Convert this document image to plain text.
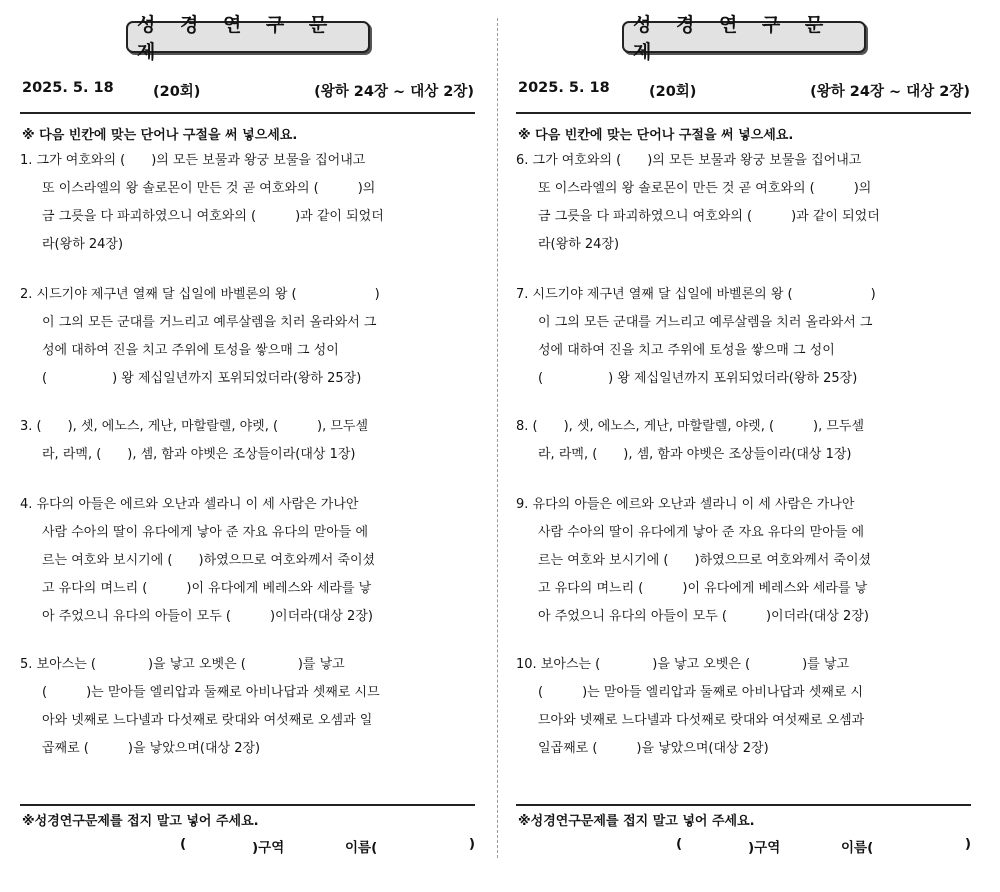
성 경 연 구 문 제
2025. 5. 18	(20회)	(왕하 24장 ~ 대상 2장)
※ 다음 빈칸에 맞는 단어나 구절을 써 넣으세요.
1. 그가 여호와의 (　　)의 모든 보물과 왕궁 보물을 집어내고
또 이스라엘의 왕 솔로몬이 만든 것 곧 여호와의 (　　　)의
금 그릇을 다 파괴하였으니 여호와의 (　　　)과 같이 되었더
라(왕하 24장)
2. 시드기야 제구년 열째 달 십일에 바벨론의 왕 (　　　　　　)
이 그의 모든 군대를 거느리고 예루살렘을 치러 올라와서 그
성에 대하여 진을 치고 주위에 토성을 쌓으매 그 성이
(　　　　　) 왕 제십일년까지 포위되었더라(왕하 25장)
3. (　　), 셋, 에노스, 게난, 마할랄렐, 야렛, (　　　), 므두셀
라, 라멕, (　　), 셈, 함과 야벳은 조상들이라(대상 1장)
4. 유다의 아들은 에르와 오난과 셀라니 이 세 사람은 가나안
사람 수아의 딸이 유다에게 낳아 준 자요 유다의 맏아들 에
르는 여호와 보시기에 (　　)하였으므로 여호와께서 죽이셨
고 유다의 며느리 (　　　)이 유다에게 베레스와 세라를 낳
아 주었으니 유다의 아들이 모두 (　　　)이더라(대상 2장)
5. 보아스는 (　　　　)을 낳고 오벳은 (　　　　)를 낳고
(　　　)는 맏아들 엘리압과 둘째로 아비나답과 셋째로 시므
아와 넷째로 느다넬과 다섯째로 랏대와 여섯째로 오셈과 일
곱째로 (　　　)을 낳았으며(대상 2장)
※성경연구문제를 접지 말고 넣어 주세요.
(	)구역	이름(	)
성 경 연 구 문 제
2025. 5. 18	(20회)	(왕하 24장 ~ 대상 2장)
※ 다음 빈칸에 맞는 단어나 구절을 써 넣으세요.
6. 그가 여호와의 (　　)의 모든 보물과 왕궁 보물을 집어내고
또 이스라엘의 왕 솔로몬이 만든 것 곧 여호와의 (　　　)의
금 그릇을 다 파괴하였으니 여호와의 (　　　)과 같이 되었더
라(왕하 24장)
7. 시드기야 제구년 열째 달 십일에 바벨론의 왕 (　　　　　　)
이 그의 모든 군대를 거느리고 예루살렘을 치러 올라와서 그
성에 대하여 진을 치고 주위에 토성을 쌓으매 그 성이
(　　　　　) 왕 제십일년까지 포위되었더라(왕하 25장)
8. (　　), 셋, 에노스, 게난, 마할랄렐, 야렛, (　　　), 므두셀
라, 라멕, (　　), 셈, 함과 야벳은 조상들이라(대상 1장)
9. 유다의 아들은 에르와 오난과 셀라니 이 세 사람은 가나안
사람 수아의 딸이 유다에게 낳아 준 자요 유다의 맏아들 에
르는 여호와 보시기에 (　　)하였으므로 여호와께서 죽이셨
고 유다의 며느리 (　　　)이 유다에게 베레스와 세라를 낳
아 주었으니 유다의 아들이 모두 (　　　)이더라(대상 2장)
10. 보아스는 (　　　　)을 낳고 오벳은 (　　　　)를 낳고
(　　　)는 맏아들 엘리압과 둘째로 아비나답과 셋째로 시
므아와 넷째로 느다넬과 다섯째로 랏대와 여섯째로 오셈과
일곱째로 (　　　)을 낳았으며(대상 2장)
※성경연구문제를 접지 말고 넣어 주세요.
(	)구역	이름(	)
